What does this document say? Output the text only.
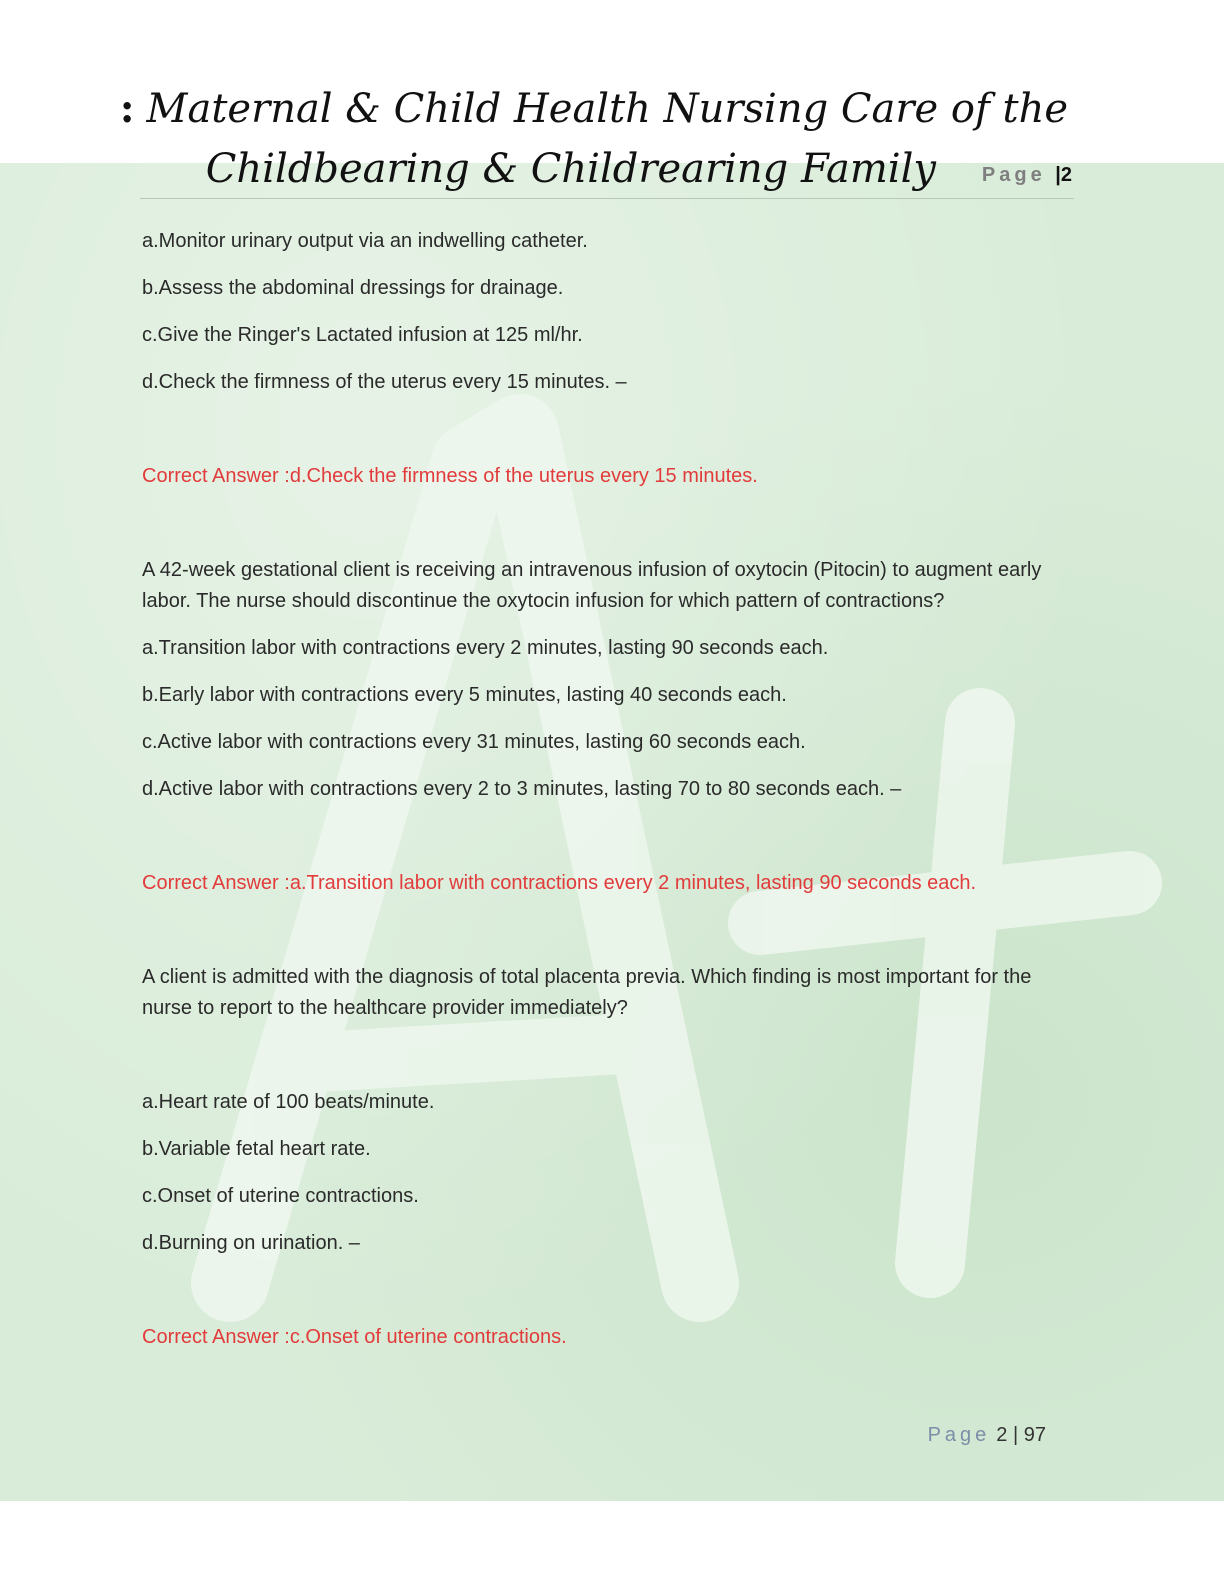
: Maternal & Child Health Nursing Care of the
Childbearing & Childrearing Family Page |2

a.Monitor urinary output via an indwelling catheter.

b.Assess the abdominal dressings for drainage.

c.Give the Ringer's Lactated infusion at 125 ml/hr.

d.Check the firmness of the uterus every 15 minutes. –

Correct Answer :d.Check the firmness of the uterus every 15 minutes.

A 42-week gestational client is receiving an intravenous infusion of oxytocin (Pitocin) to augment early labor. The nurse should discontinue the oxytocin infusion for which pattern of contractions?

a.Transition labor with contractions every 2 minutes, lasting 90 seconds each.

b.Early labor with contractions every 5 minutes, lasting 40 seconds each.

c.Active labor with contractions every 31 minutes, lasting 60 seconds each.

d.Active labor with contractions every 2 to 3 minutes, lasting 70 to 80 seconds each. –

Correct Answer :a.Transition labor with contractions every 2 minutes, lasting 90 seconds each.

A client is admitted with the diagnosis of total placenta previa. Which finding is most important for the nurse to report to the healthcare provider immediately?

a.Heart rate of 100 beats/minute.

b.Variable fetal heart rate.

c.Onset of uterine contractions.

d.Burning on urination. –

Correct Answer :c.Onset of uterine contractions.

Page 2 | 97
